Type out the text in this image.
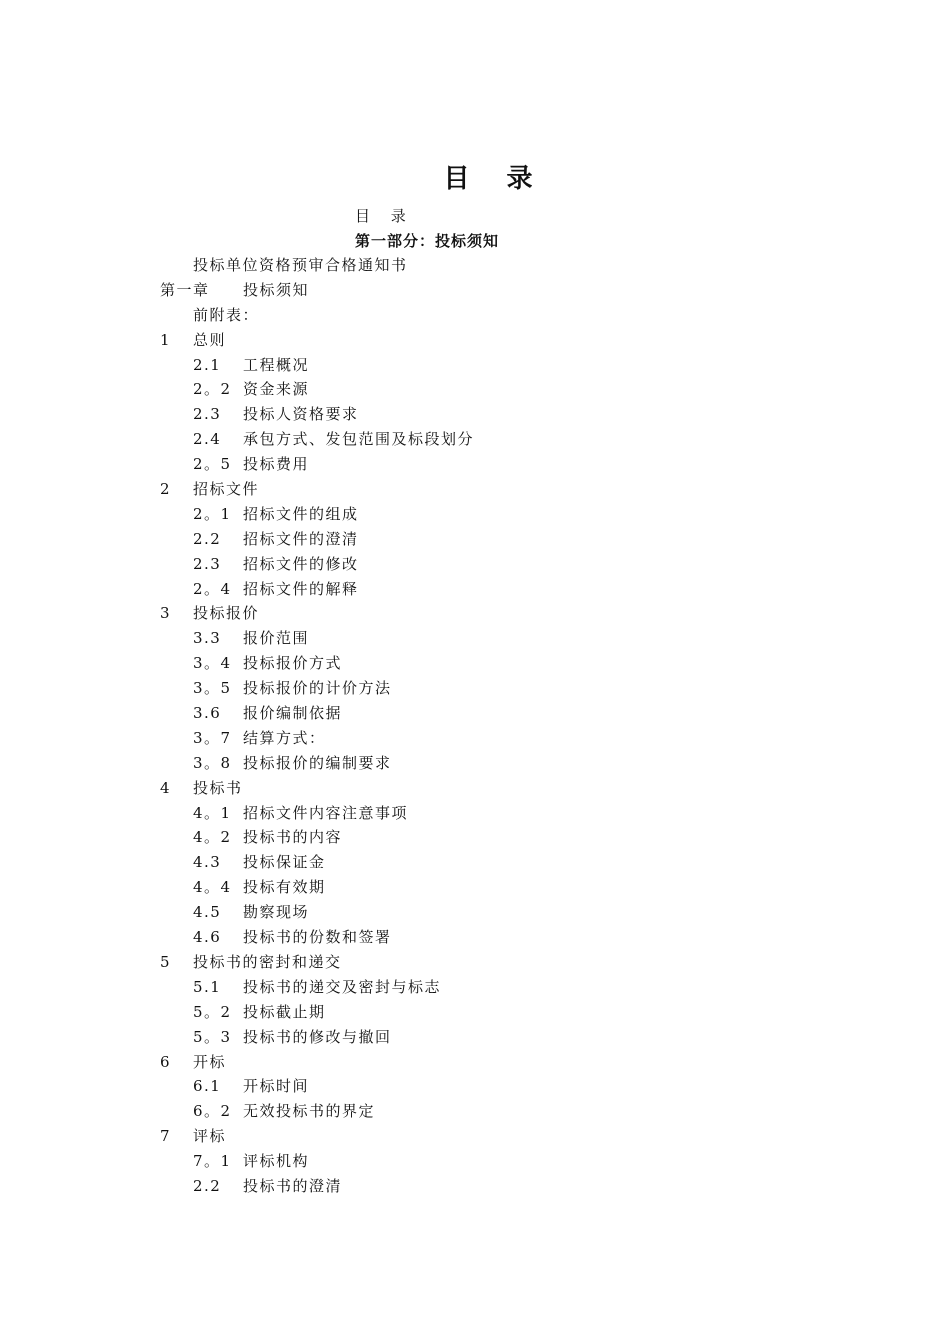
目 录
目 录
第一部分：投标须知
投标单位资格预审合格通知书
第一章 投标须知
前附表：
1 总则
2.1 工程概况
2。2 资金来源
2.3 投标人资格要求
2.4 承包方式、发包范围及标段划分
2。5 投标费用
2 招标文件
2。1 招标文件的组成
2.2 招标文件的澄清
2.3 招标文件的修改
2。4 招标文件的解释
3 投标报价
3.3 报价范围
3。4 投标报价方式
3。5 投标报价的计价方法
3.6 报价编制依据
3。7 结算方式：
3。8 投标报价的编制要求
4 投标书
4。1 招标文件内容注意事项
4。2 投标书的内容
4.3 投标保证金
4。4 投标有效期
4.5 勘察现场
4.6 投标书的份数和签署
5 投标书的密封和递交
5.1 投标书的递交及密封与标志
5。2 投标截止期
5。3 投标书的修改与撤回
6 开标
6.1 开标时间
6。2 无效投标书的界定
7 评标
7。1 评标机构
2.2 投标书的澄清
